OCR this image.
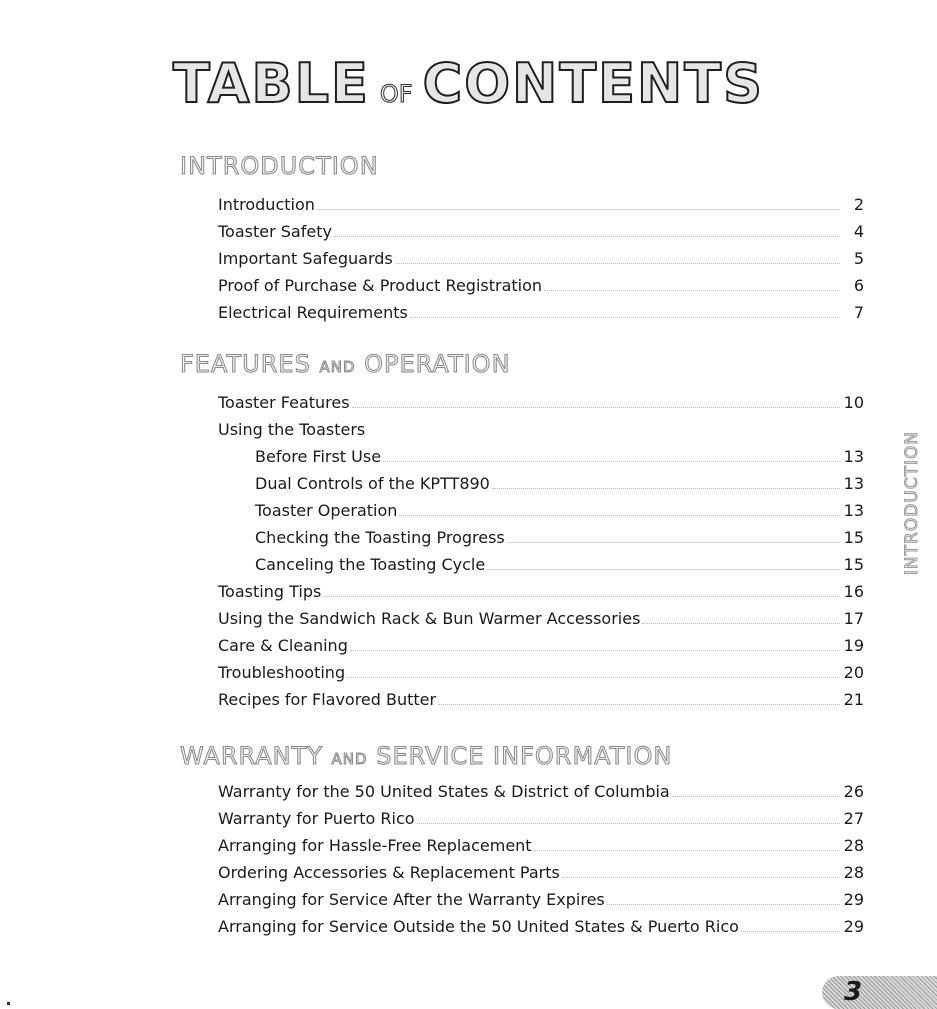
TABLE OF CONTENTS
INTRODUCTION
Introduction	2
Toaster Safety	4
Important Safeguards	5
Proof of Purchase & Product Registration	6
Electrical Requirements	7
FEATURES AND OPERATION
Toaster Features	10
Using the Toasters
Before First Use	13
Dual Controls of the KPTT890	13
Toaster Operation	13
Checking the Toasting Progress	15
Canceling the Toasting Cycle	15
Toasting Tips	16
Using the Sandwich Rack & Bun Warmer Accessories	17
Care & Cleaning	19
Troubleshooting	20
Recipes for Flavored Butter	21
WARRANTY AND SERVICE INFORMATION
Warranty for the 50 United States & District of Columbia	26
Warranty for Puerto Rico	27
Arranging for Hassle-Free Replacement	28
Ordering Accessories & Replacement Parts	28
Arranging for Service After the Warranty Expires	29
Arranging for Service Outside the 50 United States & Puerto Rico	29
INTRODUCTION
3
